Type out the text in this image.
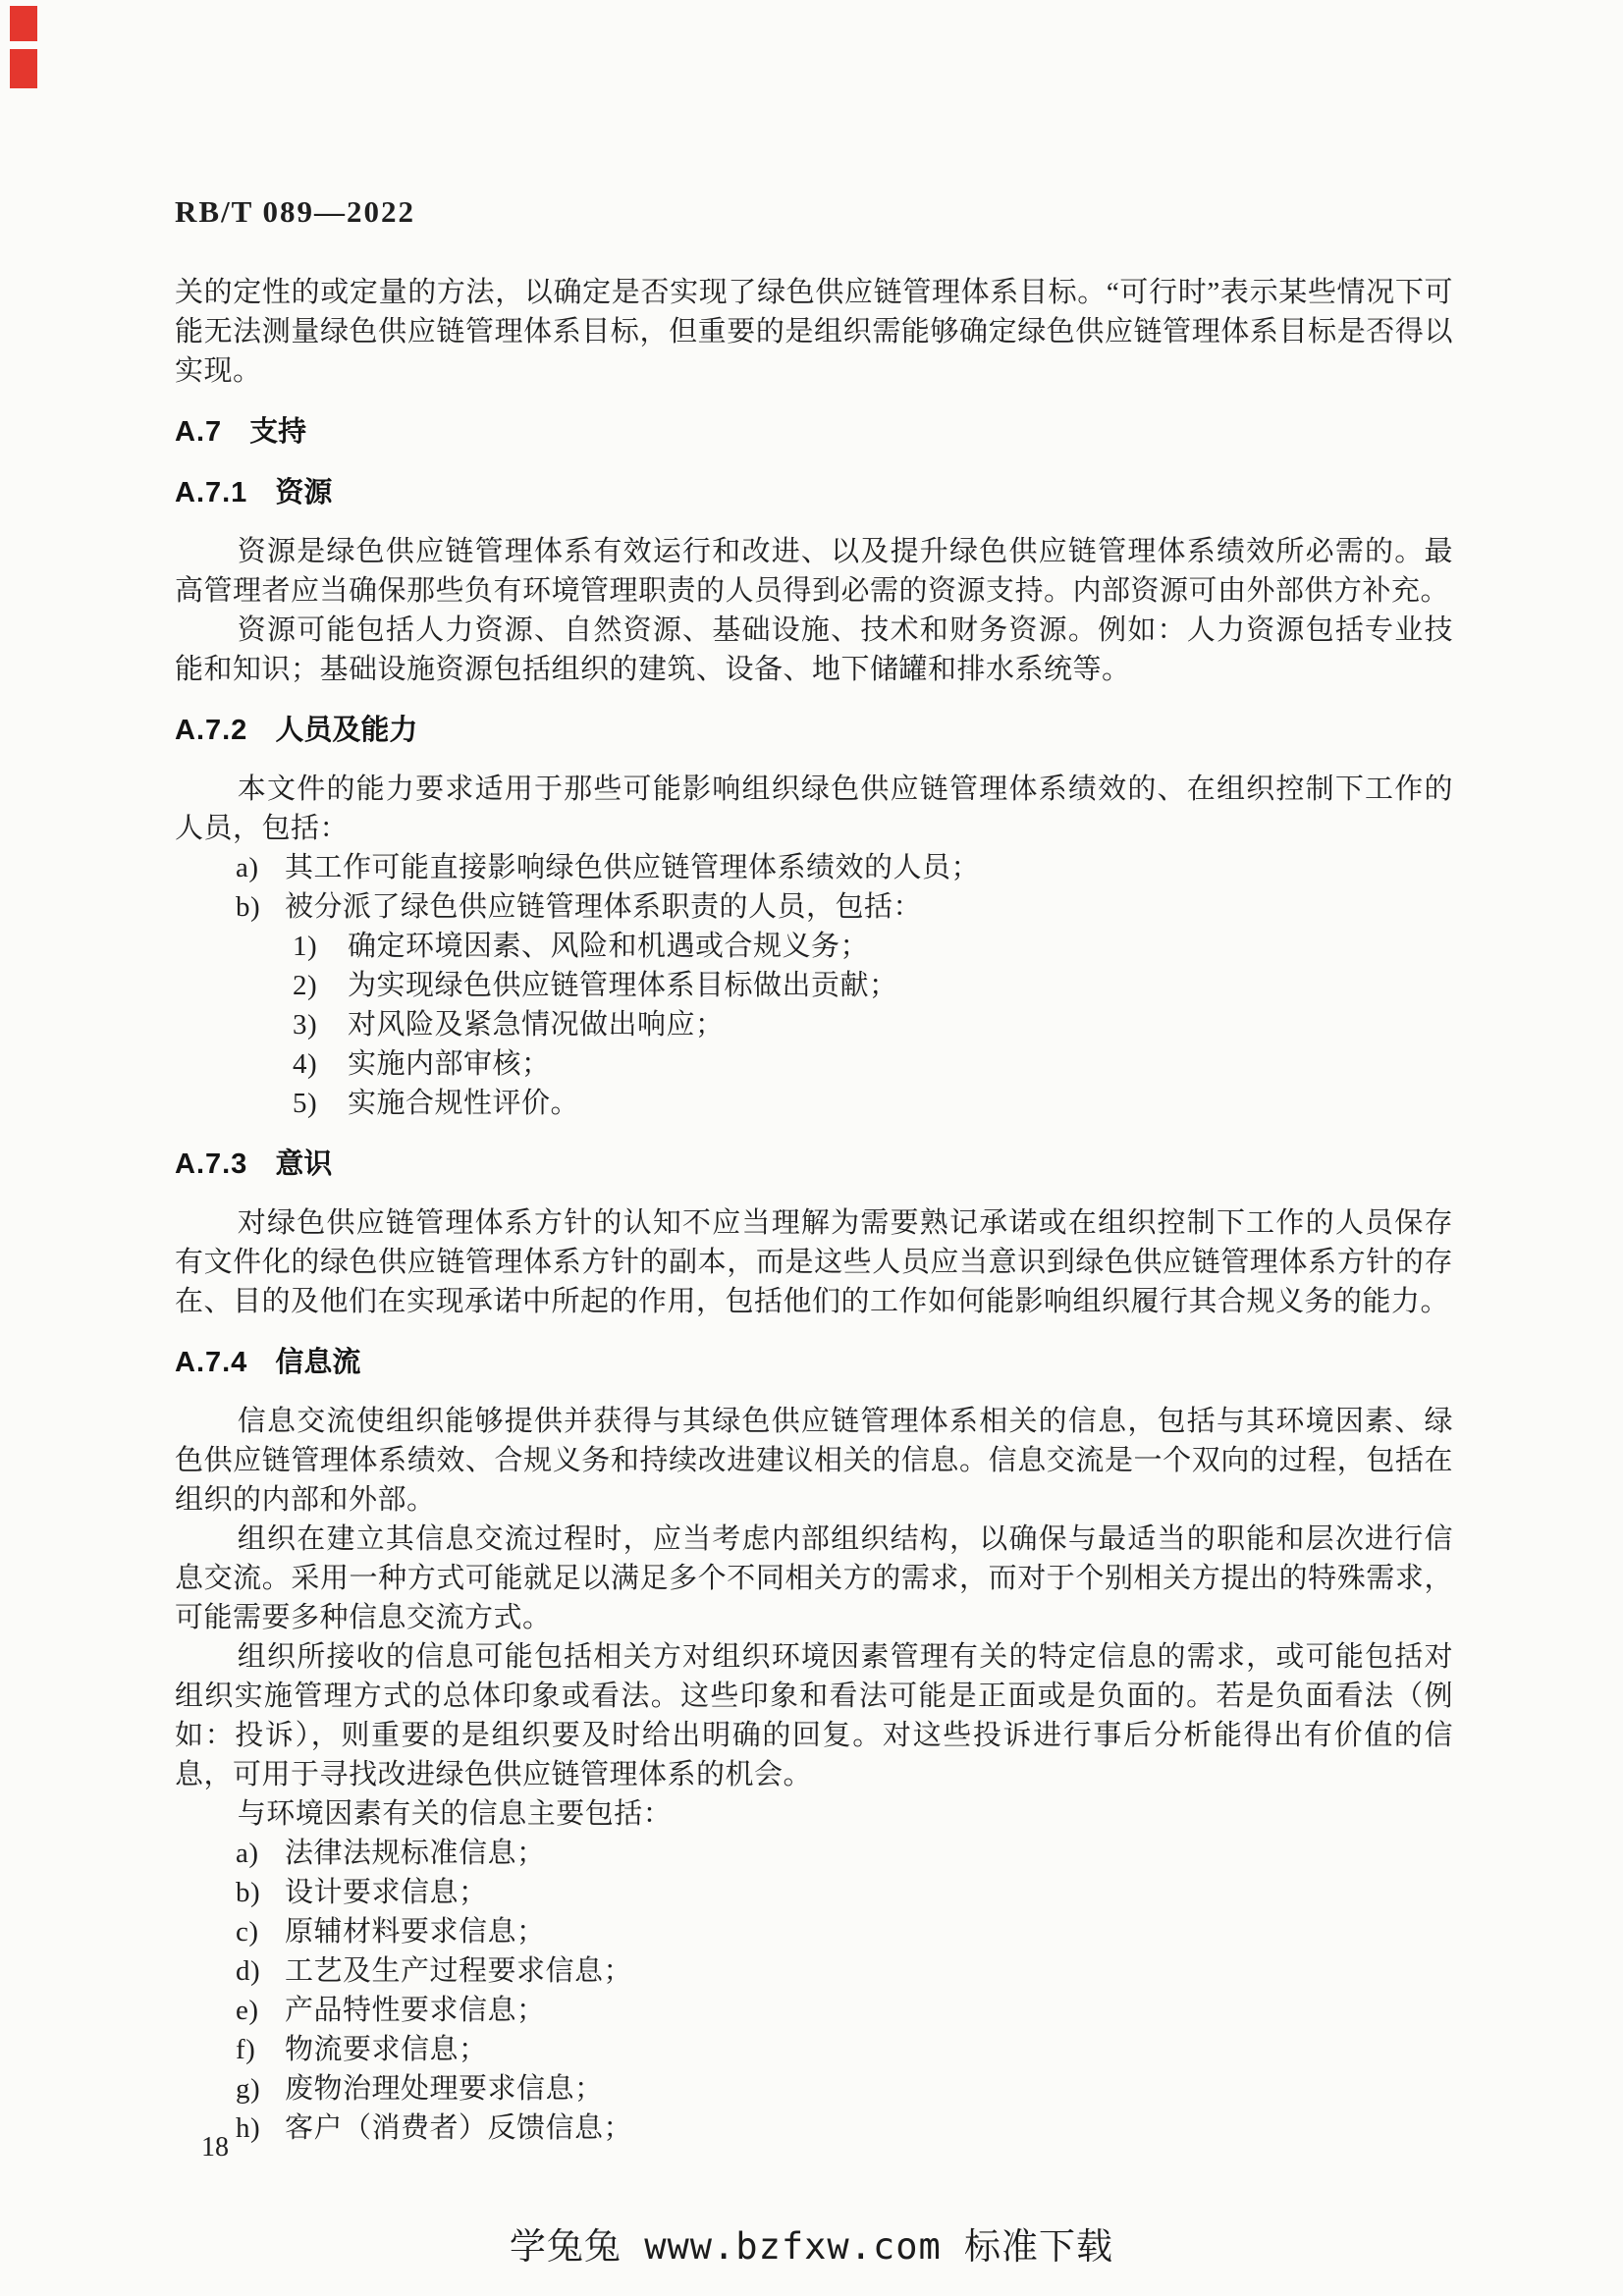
RB/T 089—2022

关的定性的或定量的方法，以确定是否实现了绿色供应链管理体系目标。“可行时”表示某些情况下可能无法测量绿色供应链管理体系目标，但重要的是组织需能够确定绿色供应链管理体系目标是否得以实现。

A.7 支持
A.7.1 资源

资源是绿色供应链管理体系有效运行和改进、以及提升绿色供应链管理体系绩效所必需的。最高管理者应当确保那些负有环境管理职责的人员得到必需的资源支持。内部资源可由外部供方补充。

资源可能包括人力资源、自然资源、基础设施、技术和财务资源。例如：人力资源包括专业技能和知识；基础设施资源包括组织的建筑、设备、地下储罐和排水系统等。

A.7.2 人员及能力

本文件的能力要求适用于那些可能影响组织绿色供应链管理体系绩效的、在组织控制下工作的人员，包括：

a) 其工作可能直接影响绿色供应链管理体系绩效的人员；
b) 被分派了绿色供应链管理体系职责的人员，包括：
1) 确定环境因素、风险和机遇或合规义务；
2) 为实现绿色供应链管理体系目标做出贡献；
3) 对风险及紧急情况做出响应；
4) 实施内部审核；
5) 实施合规性评价。
A.7.3 意识

对绿色供应链管理体系方针的认知不应当理解为需要熟记承诺或在组织控制下工作的人员保存有文件化的绿色供应链管理体系方针的副本，而是这些人员应当意识到绿色供应链管理体系方针的存在、目的及他们在实现承诺中所起的作用，包括他们的工作如何能影响组织履行其合规义务的能力。

A.7.4 信息流

信息交流使组织能够提供并获得与其绿色供应链管理体系相关的信息，包括与其环境因素、绿色供应链管理体系绩效、合规义务和持续改进建议相关的信息。信息交流是一个双向的过程，包括在组织的内部和外部。

组织在建立其信息交流过程时，应当考虑内部组织结构，以确保与最适当的职能和层次进行信息交流。采用一种方式可能就足以满足多个不同相关方的需求，而对于个别相关方提出的特殊需求，可能需要多种信息交流方式。

组织所接收的信息可能包括相关方对组织环境因素管理有关的特定信息的需求，或可能包括对组织实施管理方式的总体印象或看法。这些印象和看法可能是正面或是负面的。若是负面看法（例如：投诉），则重要的是组织要及时给出明确的回复。对这些投诉进行事后分析能得出有价值的信息，可用于寻找改进绿色供应链管理体系的机会。

与环境因素有关的信息主要包括：

a) 法律法规标准信息；
b) 设计要求信息；
c) 原辅材料要求信息；
d) 工艺及生产过程要求信息；
e) 产品特性要求信息；
f) 物流要求信息；
g) 废物治理处理要求信息；
h) 客户（消费者）反馈信息；
18
学兔兔 www.bzfxw.com 标准下载
